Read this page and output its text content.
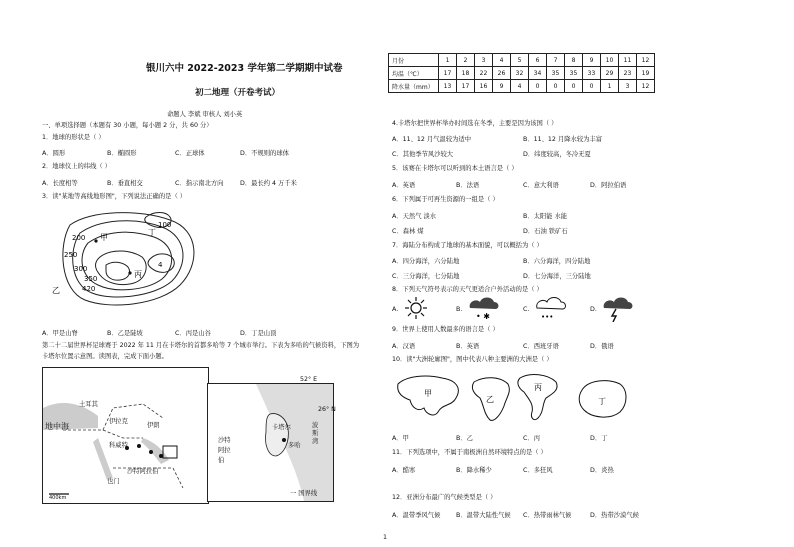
银川六中 2022-2023 学年第二学期期中试卷
初二地理（开卷考试）
命题人 李斌 审核人 刘小英
一、单项选择题（本题有 30 小题，每小题 2 分，共 60 分）
1．地球的形状是（ ）
A．圆形	B．椭圆形	C．正球体	D．不规则的球体
2．地球仪上的纬线（ ）
A．长度相等	B．垂直相交	C．指示南北方向	D．最长约 4 万千米
3．读"某地等高线地形图"，下列说法正确的是（ ）
100
200
250
300
350
420
甲
乙
丙
丁
4
A．甲是山脊	B．乙是陡坡	C．丙是山谷	D．丁是山顶
第二十二届世界杯足球赛于 2022 年 11 月在卡塔尔的首都多哈等 7 个城市举行。下表为多哈的气候资料，下图为
卡塔尔位置示意图。读图表，完成下面小题。
土耳其
地中海
伊拉克
伊朗
科威特
沙特阿拉伯
也门
400km
沙特阿拉伯
卡塔尔
多哈
波斯湾
一 国界线
52° E
26° N
月份	1	2	3	4	5	6	7	8	9	10	11	12
均温（℃）	17	18	22	26	32	34	35	35	33	29	23	19
降水量（mm）	13	17	16	9	4	0	0	0	0	1	3	12
4.卡塔尔把世界杯举办时间选在冬季，主要是因为该国（ ）
A．11、12 月气温较为适中	B．11、12 月降水较为丰富
C．其他季节风沙较大	D．纬度较高，冬冷无夏
5．该赛在卡塔尔可以听到的本土语言是（ ）
A．英语	B．法语	C．意大利语	D．阿拉伯语
6．下列属于可再生资源的一组是（ ）
A．天然气 淡水	B．太阳能 水能
C．森林 煤	D．石油 铁矿石
7．海陆分布构成了地球的基本面貌，可以概括为（ ）
A．四分海洋，六分陆地	B．六分海洋，四分陆地
C．三分海洋，七分陆地	D．七分海洋，三分陆地
8．下列天气符号表示的天气更适合户外活动的是（ ）
A.	B.
• ✱
C.
•••
D.
9．世界上使用人数最多的语言是（ ）
A．汉语	B．英语	C．西班牙语	D．俄语
10．读"大洲轮廓图"，图中代表八种主要洲的大洲是（ ）
甲
乙
丙
丁
A．甲	B．乙	C．丙	D．丁
11．下列选项中，不属于南极洲自然环境特点的是（ ）
A．酷寒	B．降水稀少	C．多狂风	D．炎热
12．亚洲分布最广的气候类型是（ ）
A．温带季风气候 B．温带大陆性气候 C．热带雨林气候	D．热带沙漠气候
1
